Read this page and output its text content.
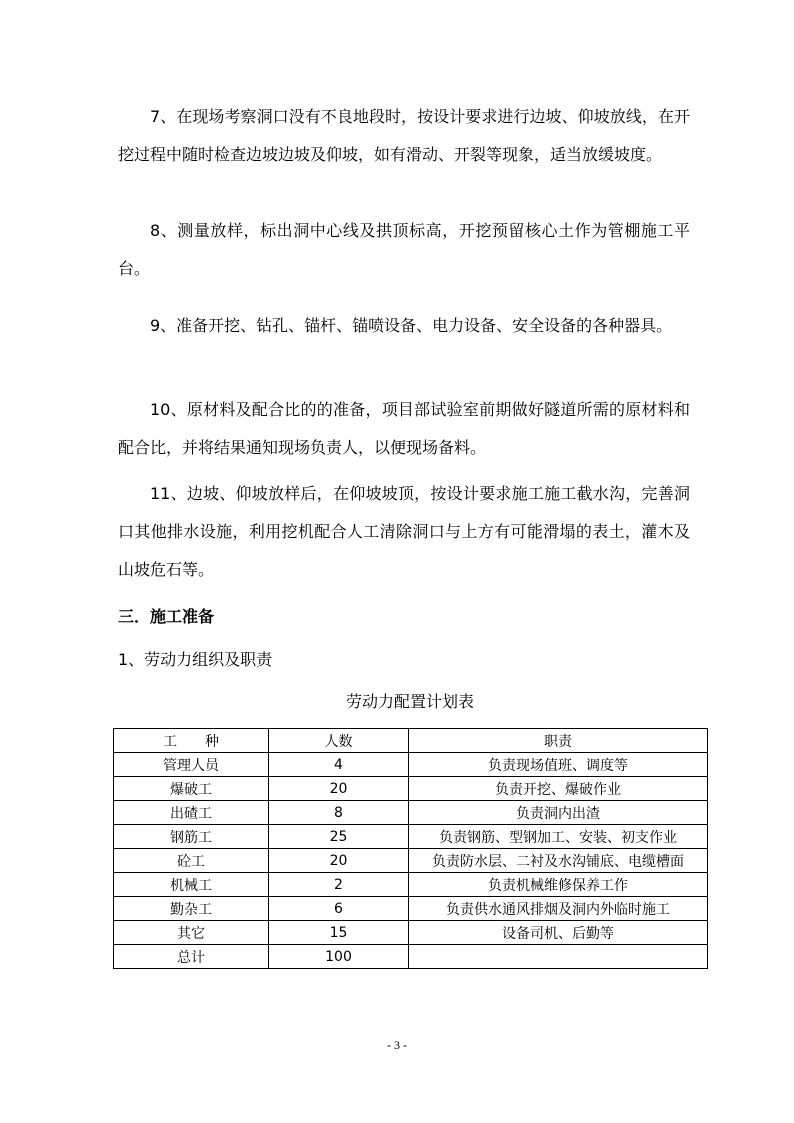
7、在现场考察洞口没有不良地段时，按设计要求进行边坡、仰坡放线，在开挖过程中随时检查边坡边坡及仰坡，如有滑动、开裂等现象，适当放缓坡度。

8、测量放样，标出洞中心线及拱顶标高，开挖预留核心土作为管棚施工平台。

9、准备开挖、钻孔、锚杆、锚喷设备、电力设备、安全设备的各种器具。

10、原材料及配合比的的准备，项目部试验室前期做好隧道所需的原材料和配合比，并将结果通知现场负责人，以便现场备料。

11、边坡、仰坡放样后，在仰坡坡顶，按设计要求施工施工截水沟，完善洞口其他排水设施，利用挖机配合人工清除洞口与上方有可能滑塌的表土，灌木及山坡危石等。

三．施工准备

1、劳动力组织及职责

劳动力配置计划表

工　　种	人数	职责
管理人员	4	负责现场值班、调度等
爆破工	20	负责开挖、爆破作业
出碴工	8	负责洞内出渣
钢筋工	25	负责钢筋、型钢加工、安装、初支作业
砼工	20	负责防水层、二衬及水沟铺底、电缆槽面
机械工	2	负责机械维修保养工作
勤杂工	6	负责供水通风排烟及洞内外临时施工
其它	15	设备司机、后勤等
总计	100	
- 3 -
